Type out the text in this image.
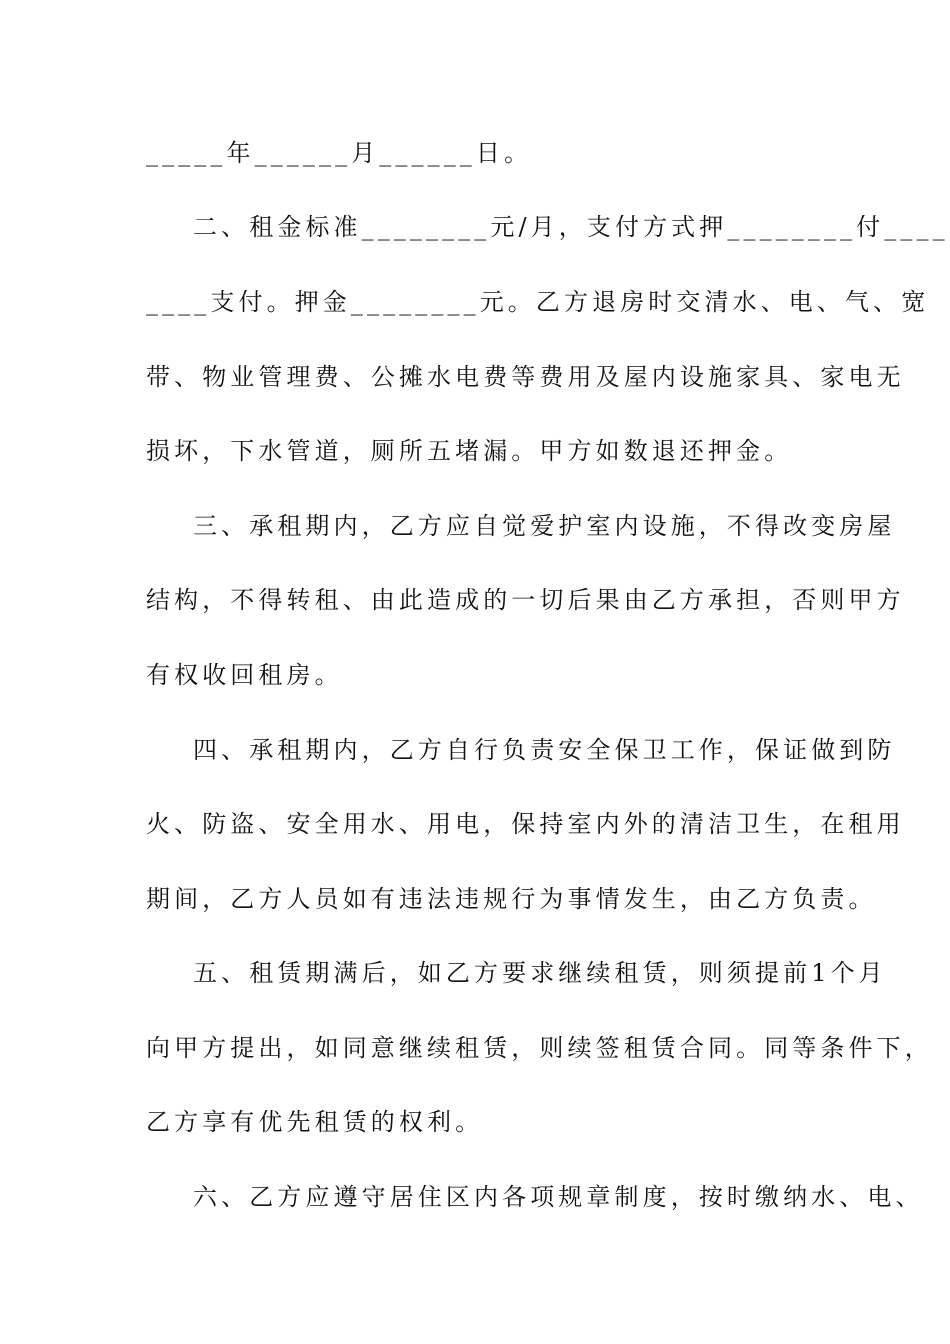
_____年______月______日。
二、租金标准________元/月，支付方式押________付____
____支付。押金________元。乙方退房时交清水、电、气、宽
带、物业管理费、公摊水电费等费用及屋内设施家具、家电无
损坏，下水管道，厕所五堵漏。甲方如数退还押金。
三、承租期内，乙方应自觉爱护室内设施，不得改变房屋
结构，不得转租、由此造成的一切后果由乙方承担，否则甲方
有权收回租房。
四、承租期内，乙方自行负责安全保卫工作，保证做到防
火、防盗、安全用水、用电，保持室内外的清洁卫生，在租用
期间，乙方人员如有违法违规行为事情发生，由乙方负责。
五、租赁期满后，如乙方要求继续租赁，则须提前1个月
向甲方提出，如同意继续租赁，则续签租赁合同。同等条件下，
乙方享有优先租赁的权利。
六、乙方应遵守居住区内各项规章制度，按时缴纳水、电、
